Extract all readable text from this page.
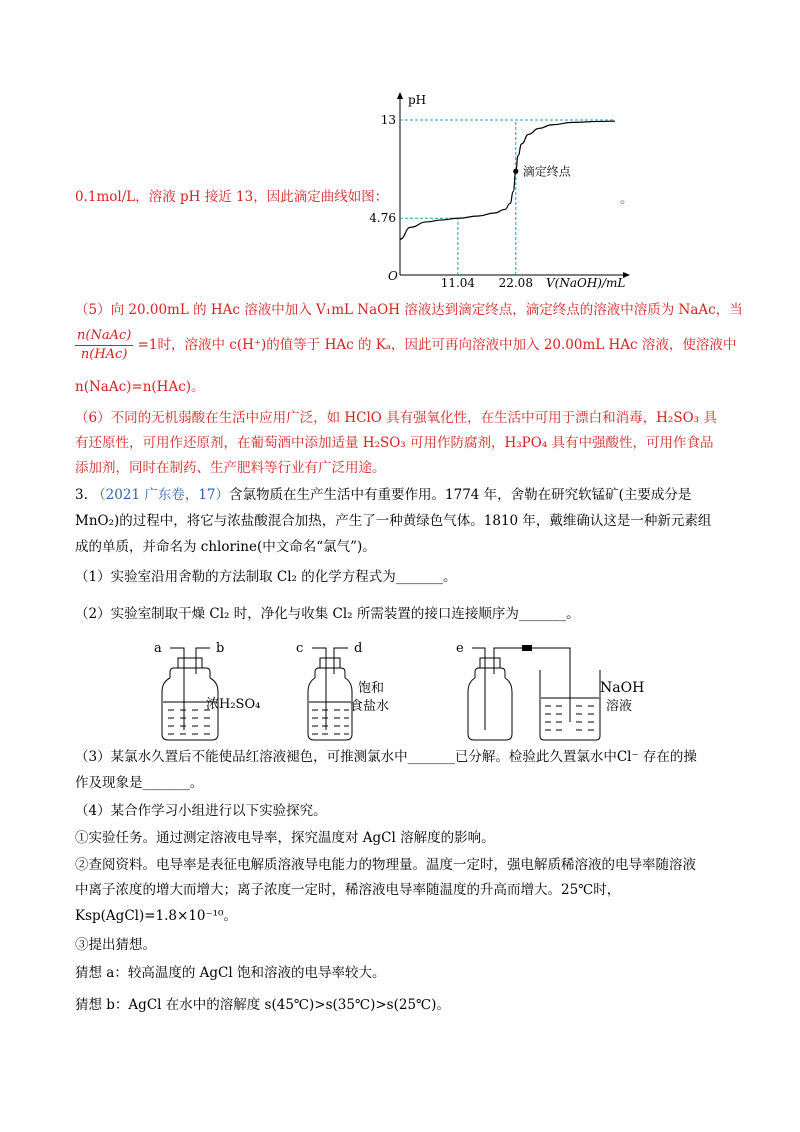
0.1mol/L，溶液 pH 接近 13，因此滴定曲线如图：	。
pH
V(NaOH)/mL
O
4.76
13
11.04 22.08
滴定终点
（5）向 20.00mL 的 HAc 溶液中加入 V₁mL NaOH 溶液达到滴定终点，滴定终点的溶液中溶质为 NaAc，当
$\frac{\text{n(NaAc)}}{\text{n(HAc)}} =1$时，溶液中 c(H⁺)的值等于 HAc 的 Kₐ，因此可再向溶液中加入 20.00mL HAc 溶液，使溶液中
n(NaAc)=n(HAc)。
（6）不同的无机弱酸在生活中应用广泛，如 HClO 具有强氧化性，在生活中可用于漂白和消毒，H₂SO₃ 具
有还原性，可用作还原剂，在葡萄酒中添加适量 H₂SO₃ 可用作防腐剂，H₃PO₄ 具有中强酸性，可用作食品
添加剂，同时在制药、生产肥料等行业有广泛用途。
3. （2021 广东卷，17）含氯物质在生产生活中有重要作用。1774 年，舍勒在研究软锰矿(主要成分是
MnO₂)的过程中，将它与浓盐酸混合加热，产生了一种黄绿色气体。1810 年，戴维确认这是一种新元素组
成的单质，并命名为 chlorine(中文命名“氯气”)。
（1）实验室沿用舍勒的方法制取 Cl₂ 的化学方程式为_______。
（2）实验室制取干燥 Cl₂ 时，净化与收集 Cl₂ 所需装置的接口连接顺序为_______。
a	b
浓H₂SO₄
c	d
饱和
食盐水
e
NaOH
溶液
（3）某氯水久置后不能使品红溶液褪色，可推测氯水中_______已分解。检验此久置氯水中Cl⁻ 存在的操
作及现象是_______。
（4）某合作学习小组进行以下实验探究。
①实验任务。通过测定溶液电导率，探究温度对 AgCl 溶解度的影响。
②查阅资料。电导率是表征电解质溶液导电能力的物理量。温度一定时，强电解质稀溶液的电导率随溶液
中离子浓度的增大而增大；离子浓度一定时，稀溶液电导率随温度的升高而增大。25℃时，
Ksp(AgCl)=1.8×10⁻¹⁰。
③提出猜想。
猜想 a：较高温度的 AgCl 饱和溶液的电导率较大。
猜想 b：AgCl 在水中的溶解度 s(45℃)>s(35℃)>s(25℃)。
